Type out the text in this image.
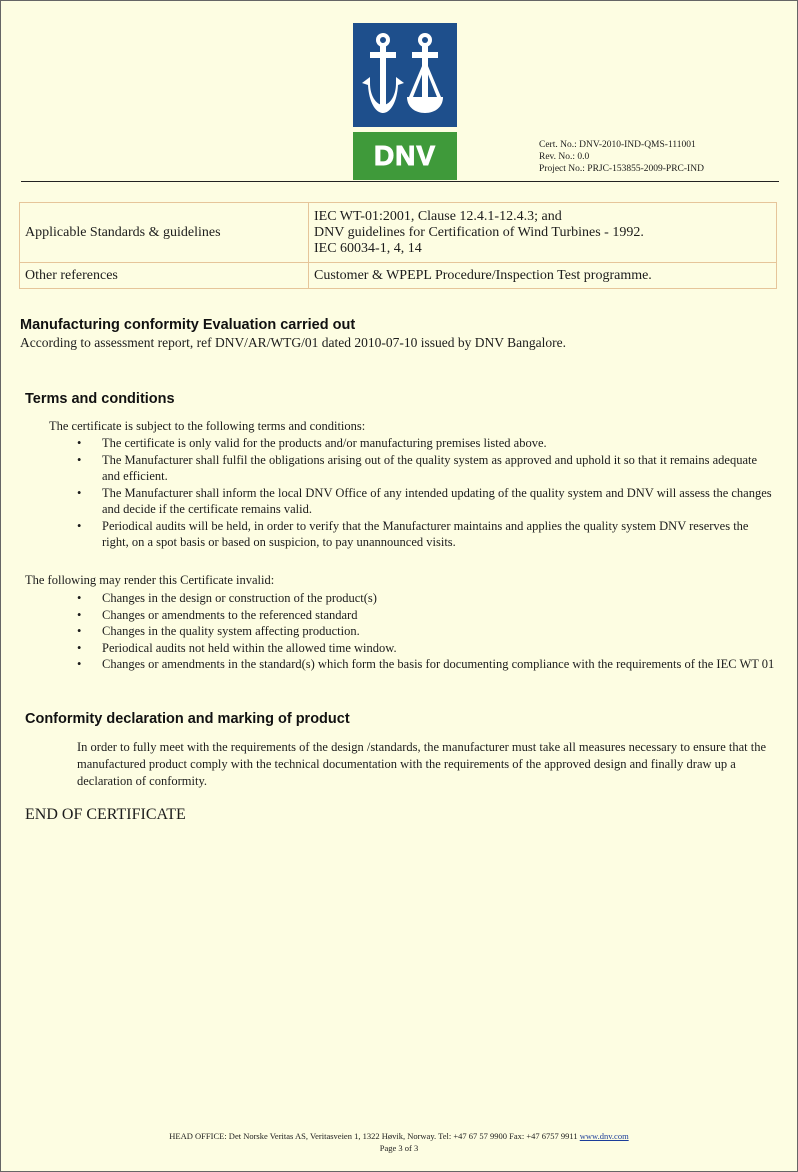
DNV	Cert. No.: DNV-2010-IND-QMS-111001
Rev. No.: 0.0
Project No.: PRJC-153855-2009-PRC-IND
Applicable Standards & guidelines	IEC WT-01:2001, Clause 12.4.1-12.4.3; and
DNV guidelines for Certification of Wind Turbines - 1992.
IEC 60034-1, 4, 14

Other references	Customer & WPEPL Procedure/Inspection Test programme.
Manufacturing conformity Evaluation carried out
According to assessment report, ref DNV/AR/WTG/01 dated 2010-07-10 issued by DNV Bangalore.
Terms and conditions
The certificate is subject to the following terms and conditions:
• The certificate is only valid for the products and/or manufacturing premises listed above.
• The Manufacturer shall fulfil the obligations arising out of the quality system as approved and uphold it so that it remains adequate and efficient.
• The Manufacturer shall inform the local DNV Office of any intended updating of the quality system and DNV will assess the changes and decide if the certificate remains valid.
• Periodical audits will be held, in order to verify that the Manufacturer maintains and applies the quality system DNV reserves the right, on a spot basis or based on suspicion, to pay unannounced visits.
The following may render this Certificate invalid:
• Changes in the design or construction of the product(s)
• Changes or amendments to the referenced standard
• Changes in the quality system affecting production.
• Periodical audits not held within the allowed time window.
• Changes or amendments in the standard(s) which form the basis for documenting compliance with the requirements of the IEC WT 01
Conformity declaration and marking of product
In order to fully meet with the requirements of the design /standards, the manufacturer must take all measures necessary to ensure that the manufactured product comply with the technical documentation with the requirements of the approved design and finally draw up a declaration of conformity.
END OF CERTIFICATE
HEAD OFFICE: Det Norske Veritas AS, Veritasveien 1, 1322 Høvik, Norway. Tel: +47 67 57 9900 Fax: +47 6757 9911 www.dnv.com
Page 3 of 3
